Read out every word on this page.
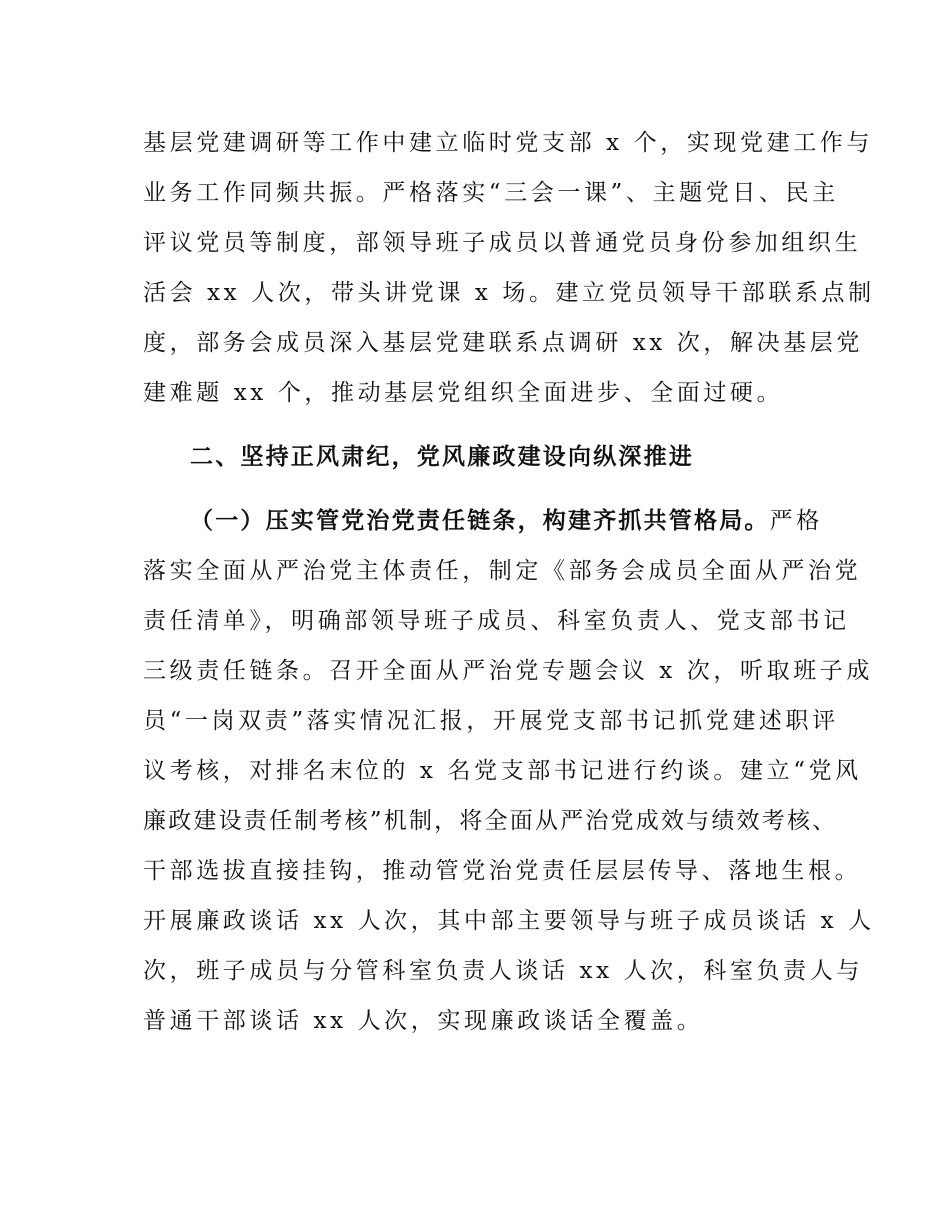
基层党建调研等工作中建立临时党支部 x 个，实现党建工作与
业务工作同频共振。严格落实“三会一课”、主题党日、民主
评议党员等制度，部领导班子成员以普通党员身份参加组织生
活会 xx 人次，带头讲党课 x 场。建立党员领导干部联系点制
度，部务会成员深入基层党建联系点调研 xx 次，解决基层党
建难题 xx 个，推动基层党组织全面进步、全面过硬。
二、坚持正风肃纪，党风廉政建设向纵深推进
（一）压实管党治党责任链条，构建齐抓共管格局。严格
落实全面从严治党主体责任，制定《部务会成员全面从严治党
责任清单》，明确部领导班子成员、科室负责人、党支部书记
三级责任链条。召开全面从严治党专题会议 x 次，听取班子成
员“一岗双责”落实情况汇报，开展党支部书记抓党建述职评
议考核，对排名末位的 x 名党支部书记进行约谈。建立“党风
廉政建设责任制考核”机制，将全面从严治党成效与绩效考核、
干部选拔直接挂钩，推动管党治党责任层层传导、落地生根。
开展廉政谈话 xx 人次，其中部主要领导与班子成员谈话 x 人
次，班子成员与分管科室负责人谈话 xx 人次，科室负责人与
普通干部谈话 xx 人次，实现廉政谈话全覆盖。
